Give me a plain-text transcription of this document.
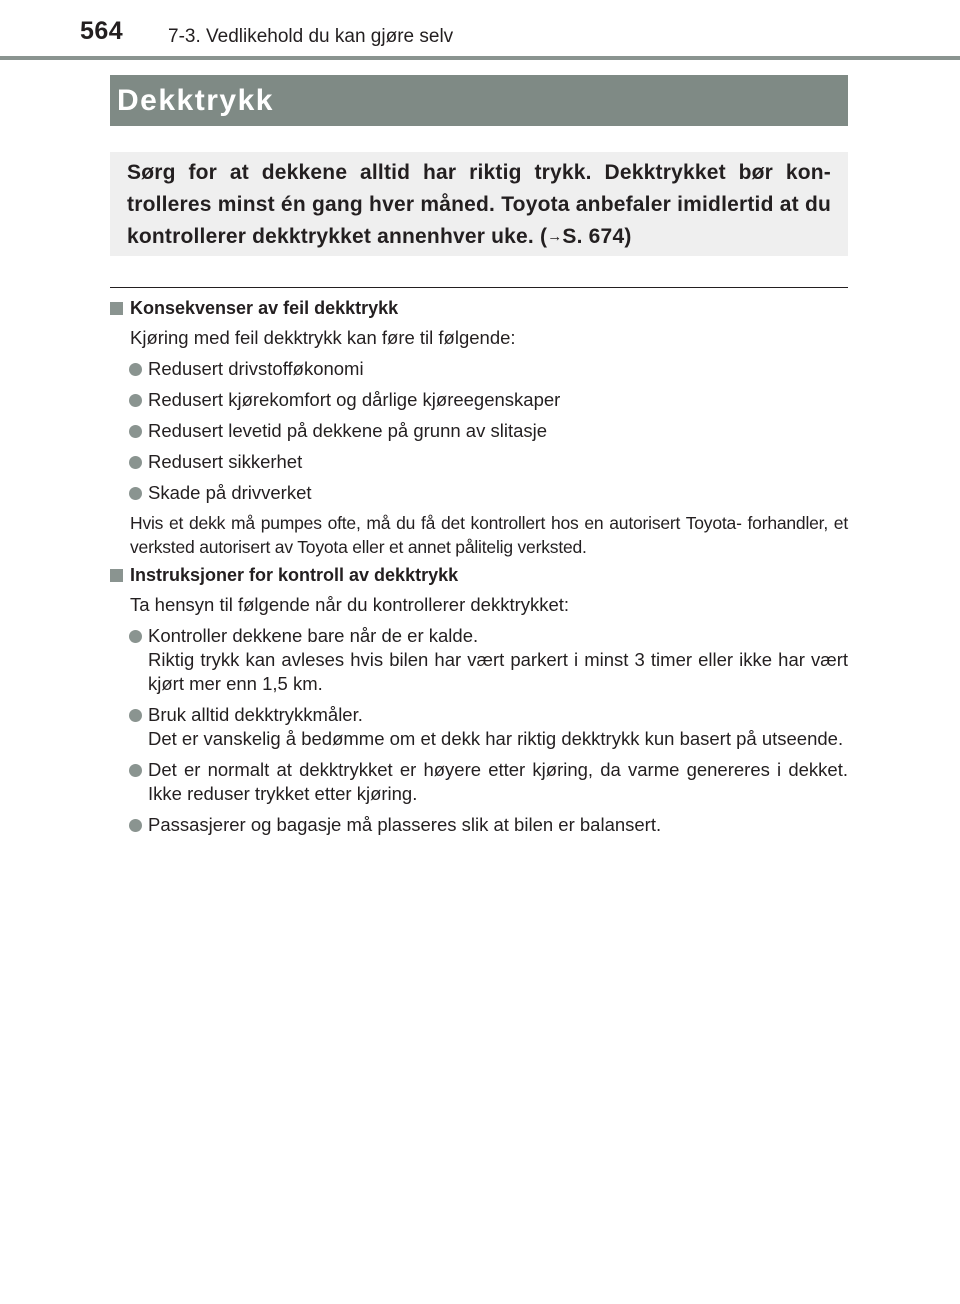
564 7-3. Vedlikehold du kan gjøre selv
Dekktrykk
Sørg for at dekkene alltid har riktig trykk. Dekktrykket bør kon- trolleres minst én gang hver måned. Toyota anbefaler imidlertid at du kontrollerer dekktrykket annenhver uke. (→S. 674)
Konsekvenser av feil dekktrykk
Kjøring med feil dekktrykk kan føre til følgende:
Redusert drivstofføkonomi
Redusert kjørekomfort og dårlige kjøreegenskaper
Redusert levetid på dekkene på grunn av slitasje
Redusert sikkerhet
Skade på drivverket
Hvis et dekk må pumpes ofte, må du få det kontrollert hos en autorisert Toyota- forhandler, et verksted autorisert av Toyota eller et annet pålitelig verksted.
Instruksjoner for kontroll av dekktrykk
Ta hensyn til følgende når du kontrollerer dekktrykket:
Kontroller dekkene bare når de er kalde.
Riktig trykk kan avleses hvis bilen har vært parkert i minst 3 timer eller ikke har vært kjørt mer enn 1,5 km.
Bruk alltid dekktrykkmåler.
Det er vanskelig å bedømme om et dekk har riktig dekktrykk kun basert på utseende.
Det er normalt at dekktrykket er høyere etter kjøring, da varme genereres i dekket. Ikke reduser trykket etter kjøring.
Passasjerer og bagasje må plasseres slik at bilen er balansert.
